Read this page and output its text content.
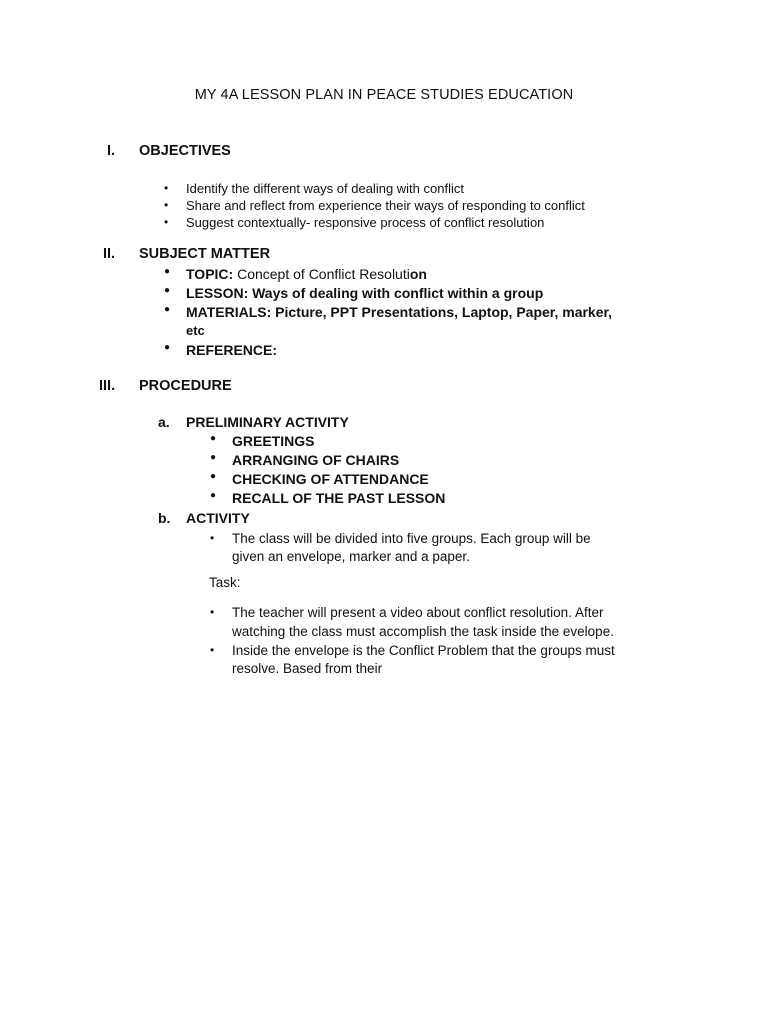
MY 4A LESSON PLAN IN PEACE STUDIES EDUCATION
I. OBJECTIVES
• Identify the different ways of dealing with conflict
• Share and reflect from experience their ways of responding to conflict
• Suggest contextually- responsive process of conflict resolution
II. SUBJECT MATTER
● TOPIC: Concept of Conflict Resolution
● LESSON: Ways of dealing with conflict within a group
● MATERIALS: Picture, PPT Presentations, Laptop, Paper, marker,
etc
● REFERENCE:
III. PROCEDURE
a. PRELIMINARY ACTIVITY
● GREETINGS
● ARRANGING OF CHAIRS
● CHECKING OF ATTENDANCE
● RECALL OF THE PAST LESSON
b. ACTIVITY
• The class will be divided into five groups. Each group will be
given an envelope, marker and a paper.
Task:
• The teacher will present a video about conflict resolution. After
watching the class must accomplish the task inside the evelope.
• Inside the envelope is the Conflict Problem that the groups must
resolve. Based from their
